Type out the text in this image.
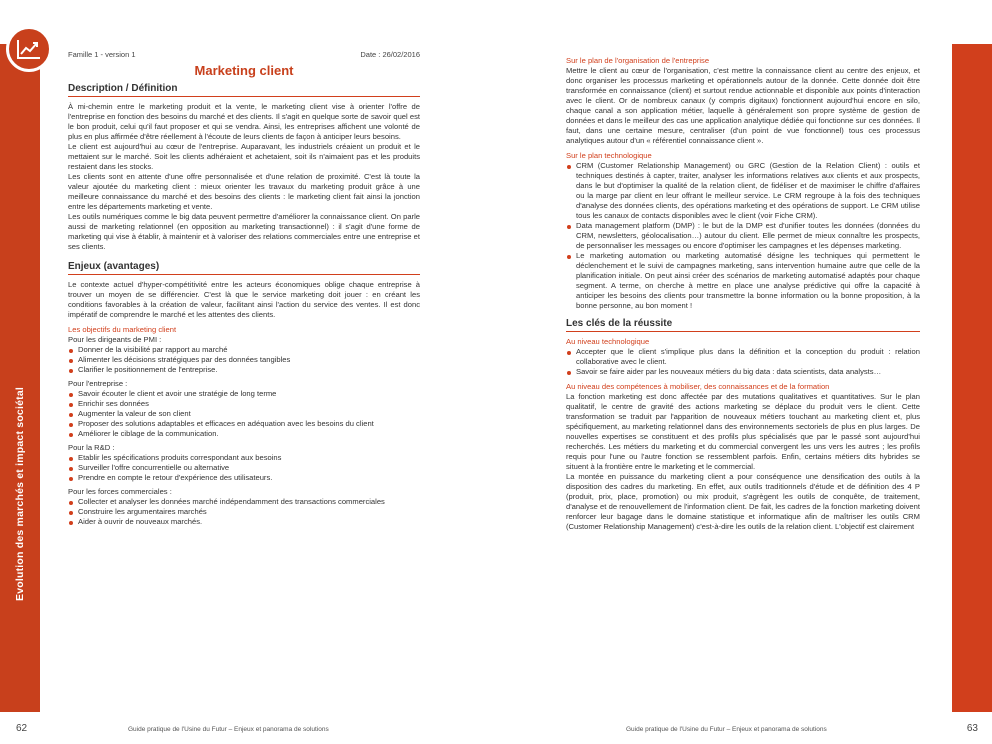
Evolution des marchés et impact sociétal
Famille 1 - version 1	Date : 26/02/2016
Marketing client
Description / Définition

À mi-chemin entre le marketing produit et la vente, le marketing client vise à orienter l'offre de l'entreprise en fonction des besoins du marché et des clients. Il s'agit en quelque sorte de savoir quel est le bon produit, celui qu'il faut proposer et qui se vendra. Ainsi, les entreprises affichent une volonté de plus en plus affirmée d'être réellement à l'écoute de leurs clients de façon à anticiper leurs besoins.

Le client est aujourd'hui au cœur de l'entreprise. Auparavant, les industriels créaient un produit et le mettaient sur le marché. Soit les clients adhéraient et achetaient, soit ils n'aimaient pas et les produits restaient dans les stocks.

Les clients sont en attente d'une offre personnalisée et d'une relation de proximité. C'est là toute la valeur ajoutée du marketing client : mieux orienter les travaux du marketing produit grâce à une meilleure connaissance du marché et des besoins des clients : le marketing client fait ainsi la jonction entre les départements marketing et vente.

Les outils numériques comme le big data peuvent permettre d'améliorer la connaissance client. On parle aussi de marketing relationnel (en opposition au marketing transactionnel) : il s'agit d'une forme de marketing qui vise à établir, à maintenir et à valoriser des relations commerciales entre une entreprise et ses clients.

Enjeux (avantages)

Le contexte actuel d'hyper-compétitivité entre les acteurs économiques oblige chaque entreprise à trouver un moyen de se différencier. C'est là que le service marketing doit jouer : en créant les conditions favorables à la création de valeur, facilitant ainsi l'action du service des ventes. Il est donc impératif de comprendre le marché et les attentes des clients.

Les objectifs du marketing client
Pour les dirigeants de PMI :
Donner de la visibilité par rapport au marché
Alimenter les décisions stratégiques par des données tangibles
Clarifier le positionnement de l'entreprise.
Pour l'entreprise :
Savoir écouter le client et avoir une stratégie de long terme
Enrichir ses données
Augmenter la valeur de son client
Proposer des solutions adaptables et efficaces en adéquation avec les besoins du client
Améliorer le ciblage de la communication.
Pour la R&D :
Etablir les spécifications produits correspondant aux besoins
Surveiller l'offre concurrentielle ou alternative
Prendre en compte le retour d'expérience des utilisateurs.
Pour les forces commerciales :
Collecter et analyser les données marché indépendamment des transactions commerciales
Construire les argumentaires marchés
Aider à ouvrir de nouveaux marchés.
Sur le plan de l'organisation de l'entreprise

Mettre le client au cœur de l'organisation, c'est mettre la connaissance client au centre des enjeux, et donc organiser les processus marketing et opérationnels autour de la donnée. Cette donnée doit être transformée en connaissance (client) et surtout rendue actionnable et disponible aux points d'interaction avec le client. Or de nombreux canaux (y compris digitaux) fonctionnent aujourd'hui encore en silo, chaque canal a son application métier, laquelle à généralement son propre système de gestion de données et dans le meilleur des cas une application analytique dédiée qui fonctionne sur ces données. Il faut, dans une certaine mesure, centraliser (d'un point de vue fonctionnel) tous ces processus analytiques autour d'un « référentiel connaissance client ».

Sur le plan technologique
CRM (Customer Relationship Management) ou GRC (Gestion de la Relation Client) : outils et techniques destinés à capter, traiter, analyser les informations relatives aux clients et aux prospects, dans le but d'optimiser la qualité de la relation client, de fidéliser et de maximiser le chiffre d'affaires ou la marge par client en leur offrant le meilleur service. Le CRM regroupe à la fois des techniques d'analyse des données clients, des opérations marketing et des opérations de support. Le CRM utilise tous les canaux de contacts disponibles avec le client (voir Fiche CRM).
Data management platform (DMP) : le but de la DMP est d'unifier toutes les données (données du CRM, newsletters, géolocalisation…) autour du client. Elle permet de mieux connaître les prospects, de personnaliser les messages ou encore d'optimiser les campagnes et les dépenses marketing.
Le marketing automation ou marketing automatisé désigne les techniques qui permettent le déclenchement et le suivi de campagnes marketing, sans intervention humaine autre que celle de la planification initiale. On peut ainsi créer des scénarios de marketing automatisé adaptés pour chaque segment. A terme, on cherche à mettre en place une analyse prédictive qui offre la capacité à anticiper les besoins des clients pour transmettre la bonne information ou la bonne proposition, à la bonne personne, au bon moment !
Les clés de la réussite
Au niveau technologique
Accepter que le client s'implique plus dans la définition et la conception du produit : relation collaborative avec le client.
Savoir se faire aider par les nouveaux métiers du big data : data scientists, data analysts…
Au niveau des compétences à mobiliser, des connaissances et de la formation

La fonction marketing est donc affectée par des mutations qualitatives et quantitatives. Sur le plan qualitatif, le centre de gravité des actions marketing se déplace du produit vers le client. Cette transformation se traduit par l'apparition de nouveaux métiers touchant au marketing client et, plus spécifiquement, au marketing relationnel dans des environnements sectoriels de plus en plus larges. De nouvelles expertises se constituent et des profils plus spécialisés que par le passé sont aujourd'hui recherchés. Les métiers du marketing et du commercial convergent les uns vers les autres ; les profils requis pour l'une ou l'autre fonction se ressemblent parfois. Enfin, certains métiers dits hybrides se situent à la frontière entre le marketing et le commercial.

La montée en puissance du marketing client a pour conséquence une densification des outils à la disposition des cadres du marketing. En effet, aux outils traditionnels d'étude et de définition des 4 P (produit, prix, place, promotion) ou mix produit, s'agrègent les outils de conquête, de traitement, d'analyse et de renouvellement de l'information client. De fait, les cadres de la fonction marketing doivent renforcer leur bagage dans le domaine statistique et informatique afin de maîtriser les outils CRM (Customer Relationship Management) c'est-à-dire les outils de la relation client. L'objectif est clairement

62	Guide pratique de l'Usine du Futur – Enjeux et panorama de solutions	Guide pratique de l'Usine du Futur – Enjeux et panorama de solutions	63
